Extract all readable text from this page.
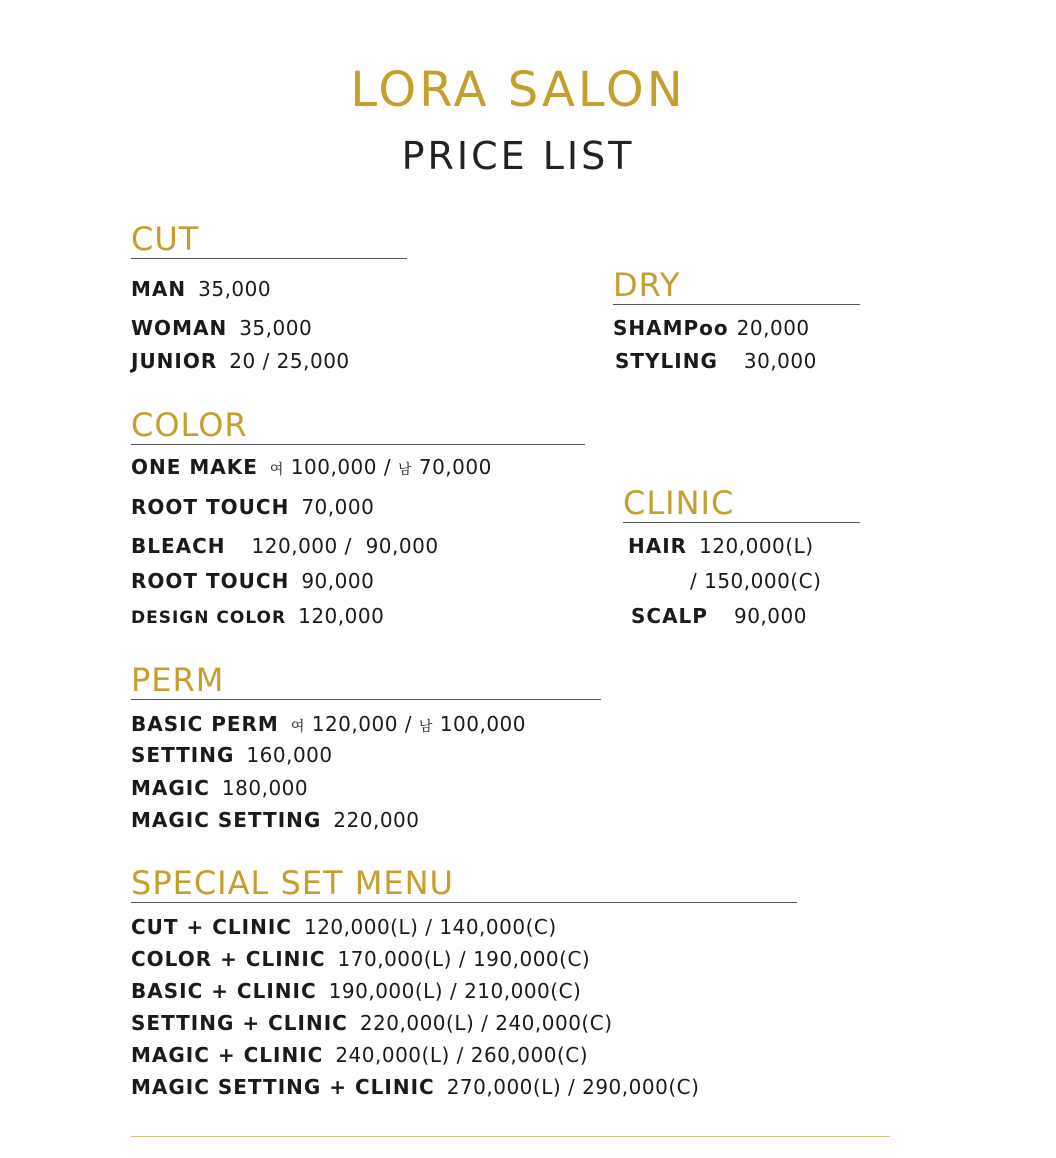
LORA SALON
PRICE LIST
CUT
MAN 35,000
WOMAN 35,000
JUNIOR 20 / 25,000
DRY
SHAMPoo 20,000
STYLING 30,000
COLOR
ONE MAKE 여 100,000 / 남 70,000
ROOT TOUCH 70,000
BLEACH 120,000 /  90,000
ROOT TOUCH 90,000
DESIGN COLOR 120,000
CLINIC
HAIR 120,000(L)
/ 150,000(C)
SCALP 90,000
PERM
BASIC PERM 여 120,000 / 남 100,000
SETTING 160,000
MAGIC 180,000
MAGIC SETTING 220,000
SPECIAL SET MENU
CUT + CLINIC 120,000(L) / 140,000(C)
COLOR + CLINIC 170,000(L) / 190,000(C)
BASIC + CLINIC 190,000(L) / 210,000(C)
SETTING + CLINIC 220,000(L) / 240,000(C)
MAGIC + CLINIC 240,000(L) / 260,000(C)
MAGIC SETTING + CLINIC 270,000(L) / 290,000(C)
